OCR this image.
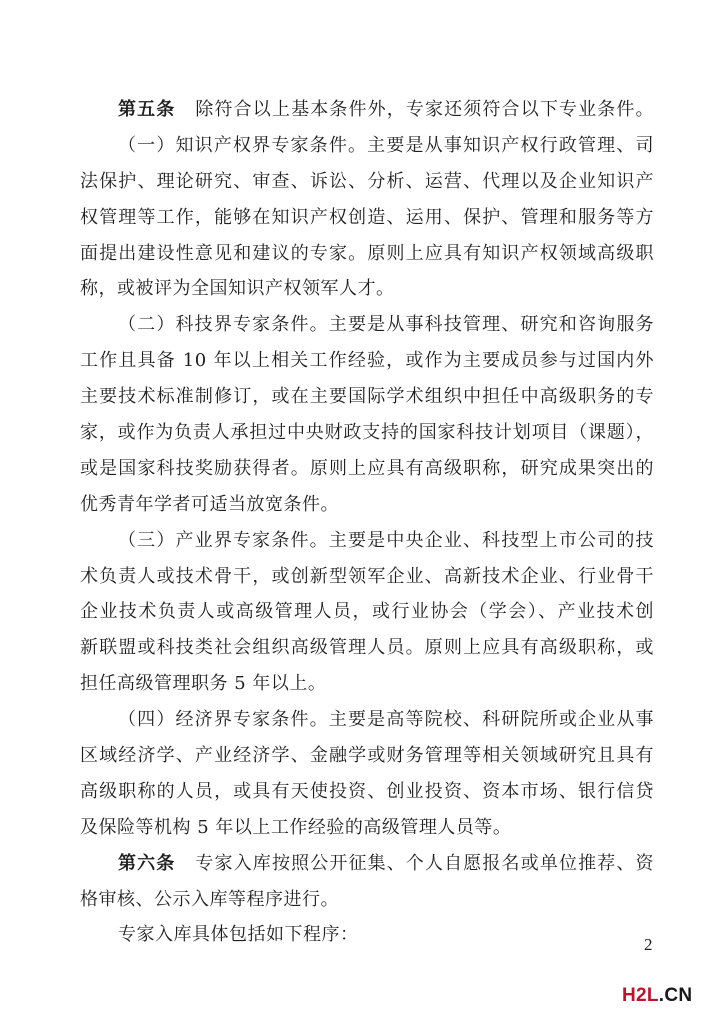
第五条 除符合以上基本条件外，专家还须符合以下专业条件。
（一）知识产权界专家条件。主要是从事知识产权行政管理、司
法保护、理论研究、审查、诉讼、分析、运营、代理以及企业知识产
权管理等工作，能够在知识产权创造、运用、保护、管理和服务等方
面提出建设性意见和建议的专家。原则上应具有知识产权领域高级职
称，或被评为全国知识产权领军人才。
（二）科技界专家条件。主要是从事科技管理、研究和咨询服务
工作且具备 10 年以上相关工作经验，或作为主要成员参与过国内外
主要技术标准制修订，或在主要国际学术组织中担任中高级职务的专
家，或作为负责人承担过中央财政支持的国家科技计划项目（课题），
或是国家科技奖励获得者。原则上应具有高级职称，研究成果突出的
优秀青年学者可适当放宽条件。
（三）产业界专家条件。主要是中央企业、科技型上市公司的技
术负责人或技术骨干，或创新型领军企业、高新技术企业、行业骨干
企业技术负责人或高级管理人员，或行业协会（学会）、产业技术创
新联盟或科技类社会组织高级管理人员。原则上应具有高级职称，或
担任高级管理职务 5 年以上。
（四）经济界专家条件。主要是高等院校、科研院所或企业从事
区域经济学、产业经济学、金融学或财务管理等相关领域研究且具有
高级职称的人员，或具有天使投资、创业投资、资本市场、银行信贷
及保险等机构 5 年以上工作经验的高级管理人员等。
第六条 专家入库按照公开征集、个人自愿报名或单位推荐、资
格审核、公示入库等程序进行。
专家入库具体包括如下程序：	2
H2L.CN
